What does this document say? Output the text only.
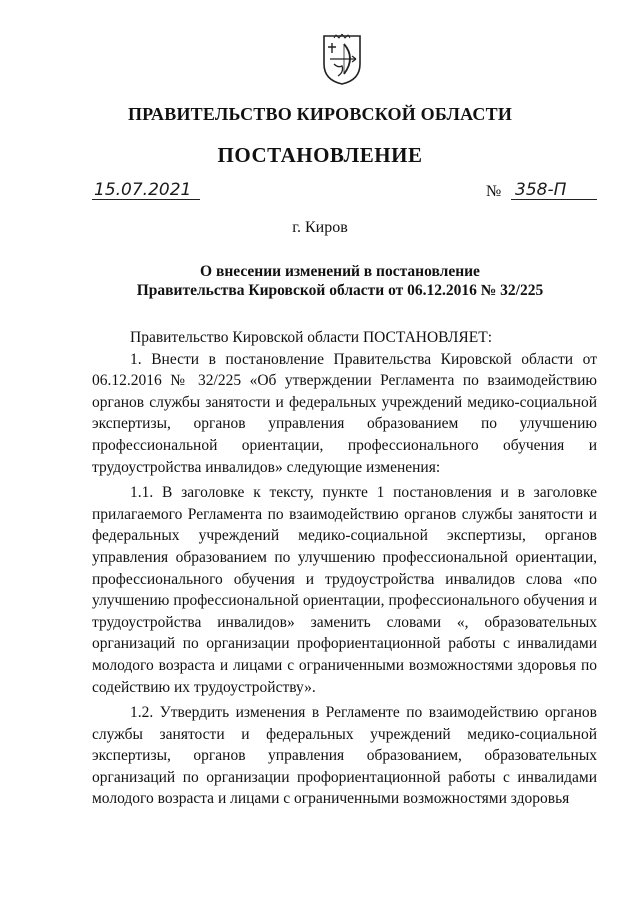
ПРАВИТЕЛЬСТВО КИРОВСКОЙ ОБЛАСТИ
ПОСТАНОВЛЕНИЕ
15.07.2021	№ 358-П
г. Киров
О внесении изменений в постановление
Правительства Кировской области от 06.12.2016 № 32/225

Правительство Кировской области ПОСТАНОВЛЯЕТ:

1. Внести в постановление Правительства Кировской области от 06.12.2016 № 32/225 «Об утверждении Регламента по взаимодействию органов службы занятости и федеральных учреждений медико-социальной экспертизы, органов управления образованием по улучшению профессиональной ориентации, профессионального обучения и трудоустройства инвалидов» следующие изменения:

1.1. В заголовке к тексту, пункте 1 постановления и в заголовке прилагаемого Регламента по взаимодействию органов службы занятости и федеральных учреждений медико-социальной экспертизы, органов управления образованием по улучшению профессиональной ориентации, профессионального обучения и трудоустройства инвалидов слова «по улучшению профессиональной ориентации, профессионального обучения и трудоустройства инвалидов» заменить словами «, образовательных организаций по организации профориентационной работы с инвалидами молодого возраста и лицами с ограниченными возможностями здоровья по содействию их трудоустройству».

1.2. Утвердить изменения в Регламенте по взаимодействию органов службы занятости и федеральных учреждений медико-социальной экспертизы, органов управления образованием, образовательных организаций по организации профориентационной работы с инвалидами молодого возраста и лицами с ограниченными возможностями здоровья
